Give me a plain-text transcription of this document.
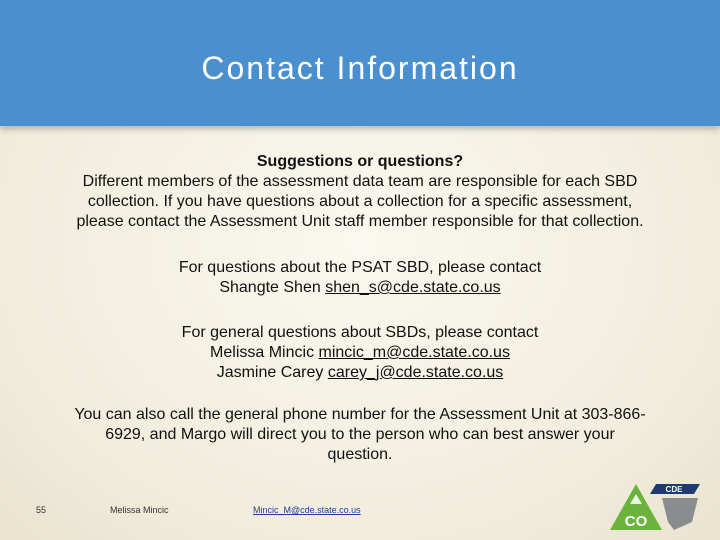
Contact Information

Suggestions or questions?

Different members of the assessment data team are responsible for each SBD

collection. If you have questions about a collection for a specific assessment,

please contact the Assessment Unit staff member responsible for that collection.

For questions about the PSAT SBD, please contact

Shangte Shen shen_s@cde.state.co.us

For general questions about SBDs, please contact

Melissa Mincic mincic_m@cde.state.co.us

Jasmine Carey carey_j@cde.state.co.us

You can also call the general phone number for the Assessment Unit at 303-866-

6929, and Margo will direct you to the person who can best answer your

question.

55	Melissa Mincic	Mincic_M@cde.state.co.us
CDE
CO
